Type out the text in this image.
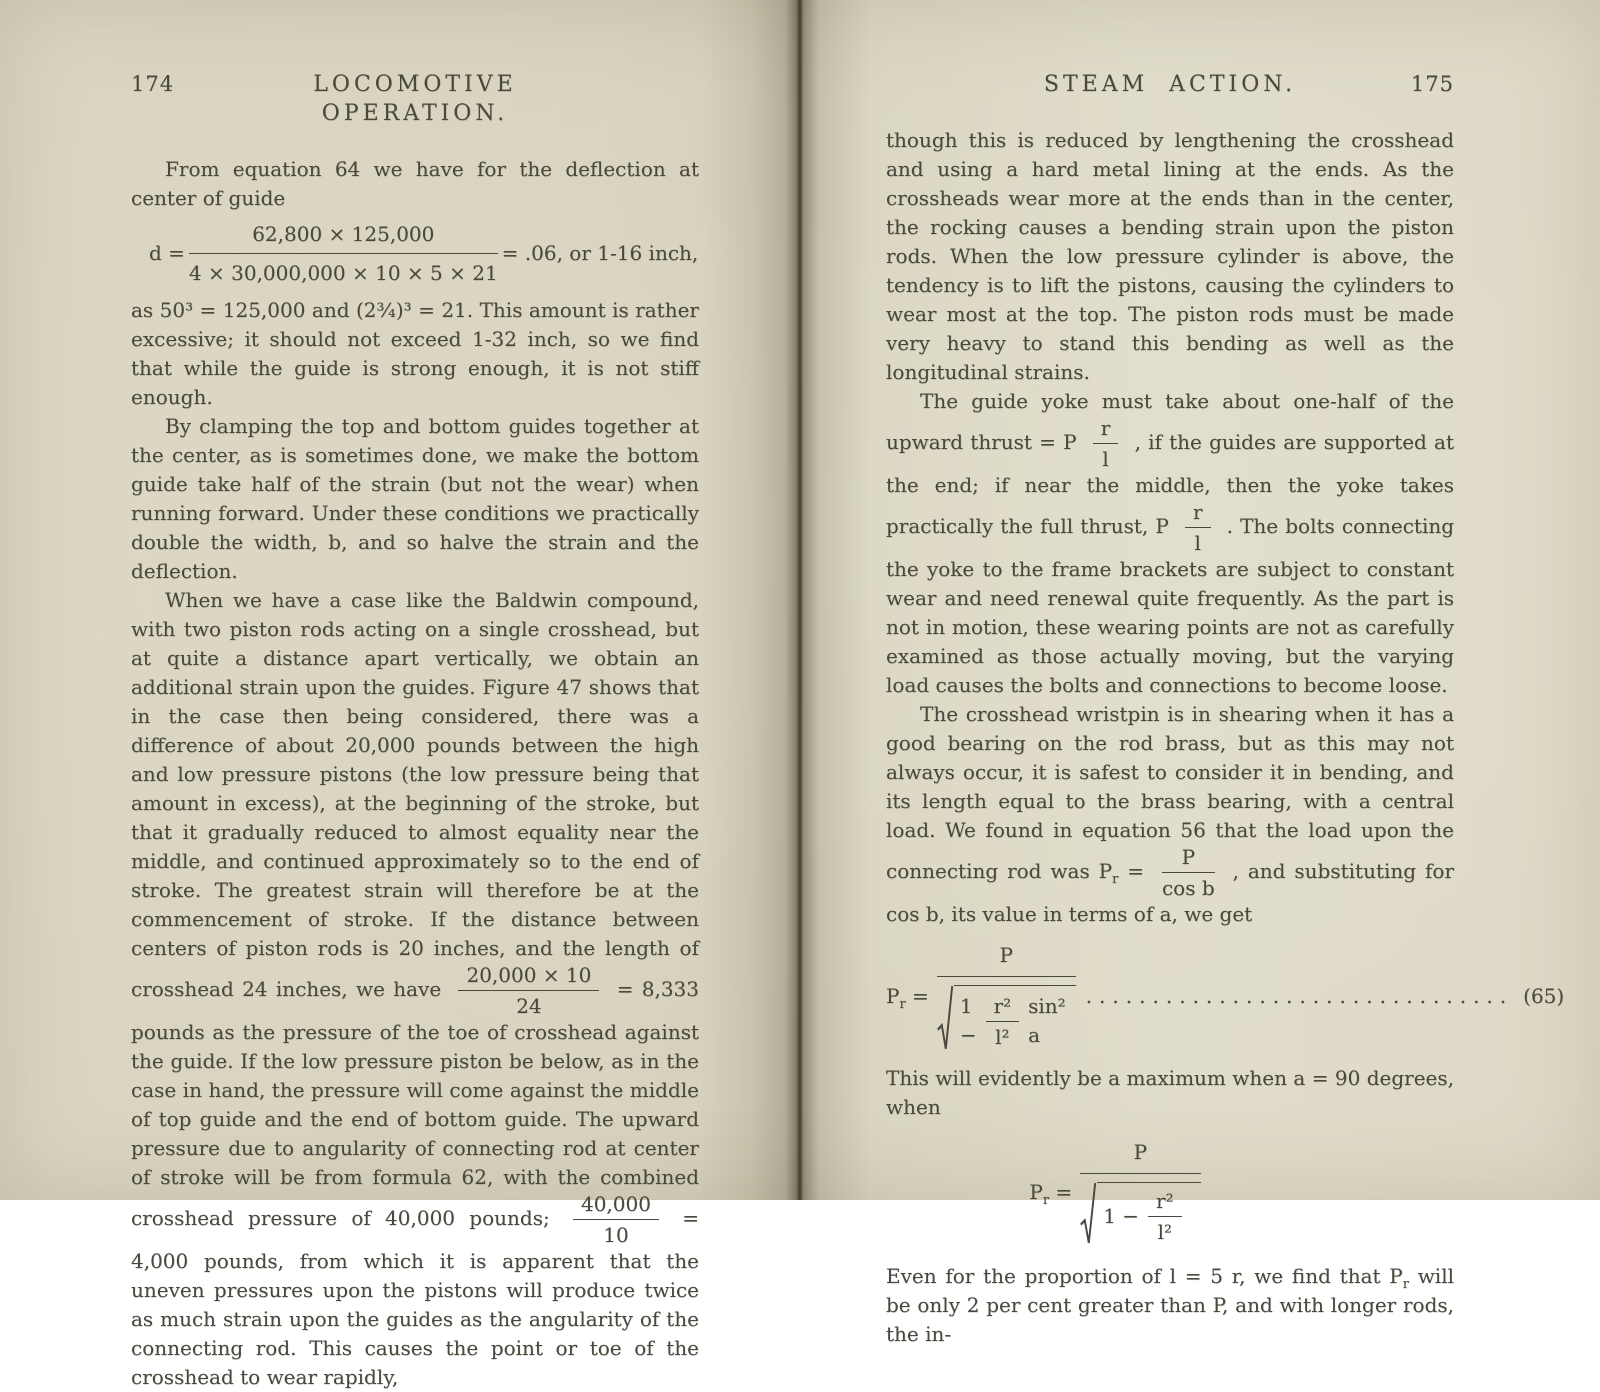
174	LOCOMOTIVE OPERATION.

From equation 64 we have for the deflection at center of guide

$d = \frac{62,800 \times 125,000}{4 \times 30,000,000 \times 10 \times 5 \times 21} = .06$, or 1-16 inch,

as 50³ = 125,000 and (2¾)³ = 21. This amount is rather excessive; it should not exceed 1-32 inch, so we find that while the guide is strong enough, it is not stiff enough.

By clamping the top and bottom guides together at the center, as is sometimes done, we make the bottom guide take half of the strain (but not the wear) when running forward. Under these conditions we practically double the width, b, and so halve the strain and the deflection.

When we have a case like the Baldwin compound, with two piston rods acting on a single crosshead, but at quite a distance apart vertically, we obtain an additional strain upon the guides. Figure 47 shows that in the case then being considered, there was a difference of about 20,000 pounds between the high and low pressure pistons (the low pressure being that amount in excess), at the beginning of the stroke, but that it gradually reduced to almost equality near the middle, and continued approximately so to the end of stroke. The greatest strain will therefore be at the commencement of stroke. If the distance between centers of piston rods is 20 inches, and the length of crosshead 24 inches, we have $\frac{20,000 \times 10}{24} = 8,333$ pounds as the pressure of the toe of crosshead against the guide. If the low pressure piston be below, as in the case in hand, the pressure will come against the middle of top guide and the end of bottom guide. The upward pressure due to angularity of connecting rod at center of stroke will be from formula 62, with the combined crosshead pressure of 40,000 pounds; $\frac{40,000}{10} = 4,000$ pounds, from which it is apparent that the uneven pressures upon the pistons will produce twice as much strain upon the guides as the angularity of the connecting rod. This causes the point or toe of the crosshead to wear rapidly,

STEAM ACTION.	175

though this is reduced by lengthening the crosshead and using a hard metal lining at the ends. As the crossheads wear more at the ends than in the center, the rocking causes a bending strain upon the piston rods. When the low pressure cylinder is above, the tendency is to lift the pistons, causing the cylinders to wear most at the top. The piston rods must be made very heavy to stand this bending as well as the longitudinal strains.

The guide yoke must take about one-half of the upward thrust = P $\frac{r}{l}$ , if the guides are supported at the end; if near the middle, then the yoke takes practically the full thrust, P $\frac{r}{l}$ . The bolts connecting the yoke to the frame brackets are subject to constant wear and need renewal quite frequently. As the part is not in motion, these wearing points are not as carefully examined as those actually moving, but the varying load causes the bolts and connections to become loose.

The crosshead wristpin is in shearing when it has a good bearing on the rod brass, but as this may not always occur, it is safest to consider it in bending, and its length equal to the brass bearing, with a central load. We found in equation 56 that the load upon the connecting rod was $P_r = \frac{P}{\text{cos b}}$ , and substituting for cos b, its value in terms of a, we get

$P_r$ =
P
$1 - \frac{\text{r²}}{\text{l²}} \sin^2$ a
................................ (65)

This will evidently be a maximum when a = 90 degrees, when

$P_r = \frac{P}{1 - \frac{\text{r²}}{\text{l²}}}$

Even for the proportion of l = 5 r, we find that $P_r$ will be only 2 per cent greater than P, and with longer rods, the in-
